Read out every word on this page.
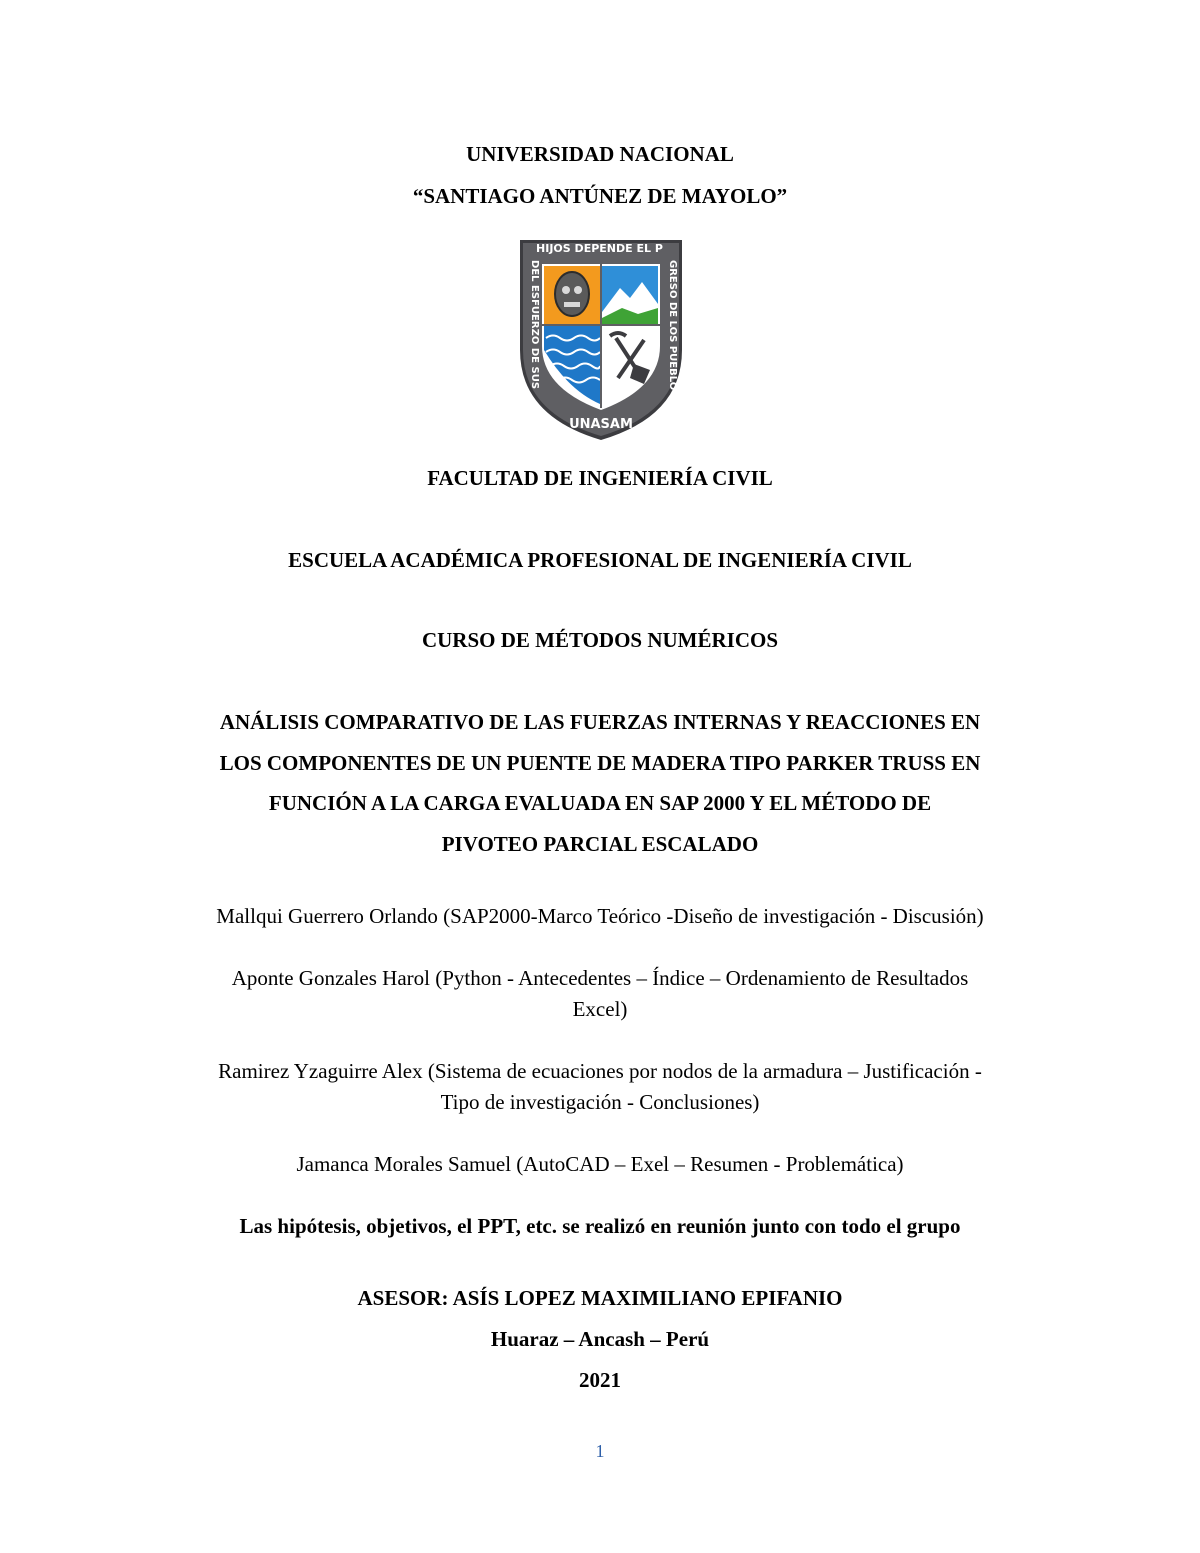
UNIVERSIDAD NACIONAL
“SANTIAGO ANTÚNEZ DE MAYOLO”
HIJOS DEPENDE EL P
DEL ESFUERZO DE SUS
GRESO DE LOS PUEBLO
UNASAM
FACULTAD DE INGENIERÍA CIVIL
ESCUELA ACADÉMICA PROFESIONAL DE INGENIERÍA CIVIL
CURSO DE MÉTODOS NUMÉRICOS
ANÁLISIS COMPARATIVO DE LAS FUERZAS INTERNAS Y REACCIONES EN
LOS COMPONENTES DE UN PUENTE DE MADERA TIPO PARKER TRUSS EN
FUNCIÓN A LA CARGA EVALUADA EN SAP 2000 Y EL MÉTODO DE
PIVOTEO PARCIAL ESCALADO
Mallqui Guerrero Orlando (SAP2000-Marco Teórico -Diseño de investigación - Discusión)
Aponte Gonzales Harol (Python - Antecedentes – Índice – Ordenamiento de Resultados
Excel)
Ramirez Yzaguirre Alex (Sistema de ecuaciones por nodos de la armadura – Justificación -
Tipo de investigación - Conclusiones)
Jamanca Morales Samuel (AutoCAD – Exel – Resumen - Problemática)
Las hipótesis, objetivos, el PPT, etc. se realizó en reunión junto con todo el grupo
ASESOR: ASÍS LOPEZ MAXIMILIANO EPIFANIO
Huaraz – Ancash – Perú
2021
1
